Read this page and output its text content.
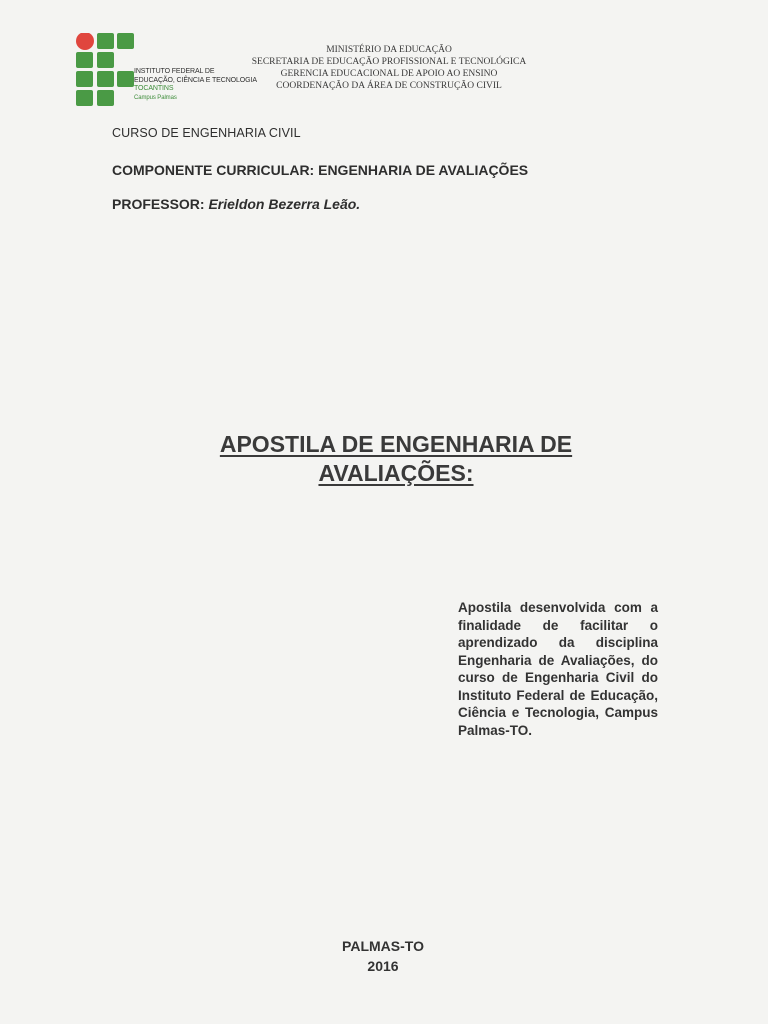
INSTITUTO FEDERAL DE
EDUCAÇÃO, CIÊNCIA E TECNOLOGIA
TOCANTINS
Campus Palmas
MINISTÉRIO DA EDUCAÇÃO
SECRETARIA DE EDUCAÇÃO PROFISSIONAL E TECNOLÓGICA
GERENCIA EDUCACIONAL DE APOIO AO ENSINO
COORDENAÇÃO DA ÁREA DE CONSTRUÇÃO CIVIL
CURSO DE ENGENHARIA CIVIL
COMPONENTE CURRICULAR: ENGENHARIA DE AVALIAÇÕES
PROFESSOR: Erieldon Bezerra Leão.
APOSTILA DE ENGENHARIA DE
AVALIAÇÕES:
Apostila desenvolvida com a finalidade de facilitar o aprendizado da disciplina Engenharia de Avaliações, do curso de Engenharia Civil do Instituto Federal de Educação, Ciência e Tecnologia, Campus Palmas-TO.
PALMAS-TO
2016
